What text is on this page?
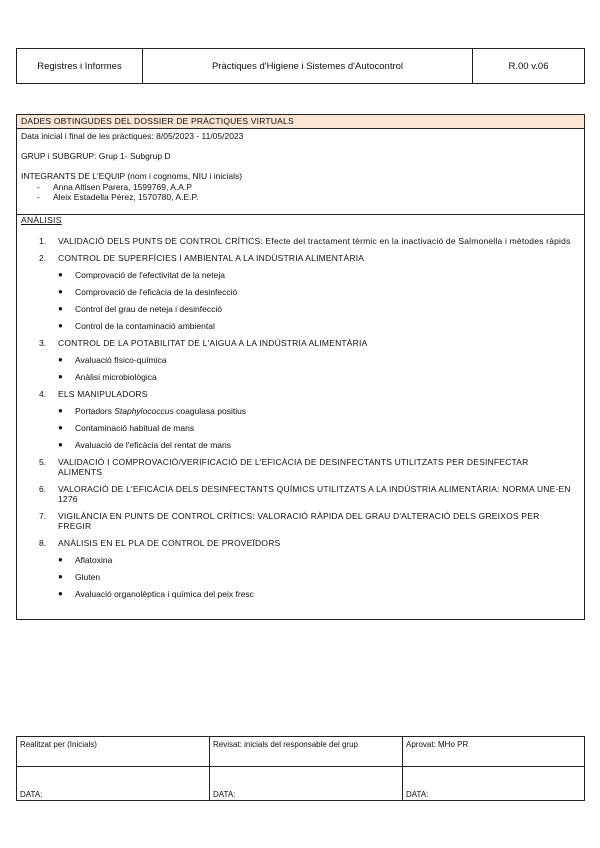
Registres i Informes	Pràctiques d'Higiene i Sistemes d'Autocontrol	R.00 v.06
DADES OBTINGUDES DEL DOSSIER DE PRÀCTIQUES VIRTUALS
Data inicial i final de les pràctiques: 8/05/2023 - 11/05/2023
GRUP i SUBGRUP: Grup 1- Subgrup D
INTEGRANTS DE L'EQUIP (nom i cognoms, NIU i inicials)
- Anna Altisen Parera, 1599769, A.A.P
- Aleix Estadella Pérez, 1570780, A.E.P.
ANÀLISIS
1. VALIDACIÓ DELS PUNTS DE CONTROL CRÍTICS: Efecte del tractament tèrmic en la inactivació de Salmonella i mètodes ràpids
2. CONTROL DE SUPERFÍCIES I AMBIENTAL A LA INDÚSTRIA ALIMENTÀRIA
● Comprovació de l'efectivitat de la neteja
● Comprovació de l'eficàcia de la desinfecció
● Control del grau de neteja i desinfecció
● Control de la contaminació ambiental
3. CONTROL DE LA POTABILITAT DE L'AIGUA A LA INDÚSTRIA ALIMENTÀRIA
● Avaluació físico-química
● Anàlisi microbiològica
4. ELS MANIPULADORS
● Portadors Staphylococcus coagulasa positius
● Contaminació habitual de mans
● Avaluació de l'eficàcia del rentat de mans
5. VALIDACIÓ I COMPROVACIÓ/VERIFICACIÓ DE L'EFICÀCIA DE DESINFECTANTS UTILITZATS PER DESINFECTAR ALIMENTS
6. VALORACIÓ DE L'EFICÀCIA DELS DESINFECTANTS QUÍMICS UTILITZATS A LA INDÚSTRIA ALIMENTÀRIA: NORMA UNE-EN 1276
7. VIGILÀNCIA EN PUNTS DE CONTROL CRÍTICS: VALORACIÓ RÀPIDA DEL GRAU D'ALTERACIÓ DELS GREIXOS PER FREGIR
8. ANÀLISIS EN EL PLA DE CONTROL DE PROVEÏDORS
● Aflatoxina
● Gluten
● Avaluació organolèptica i química del peix fresc
Realitzat per (Inicials)
DATA:
Revisat: inicials del responsable del grup
DATA:
Aprovat: MHo PR
DATA:
